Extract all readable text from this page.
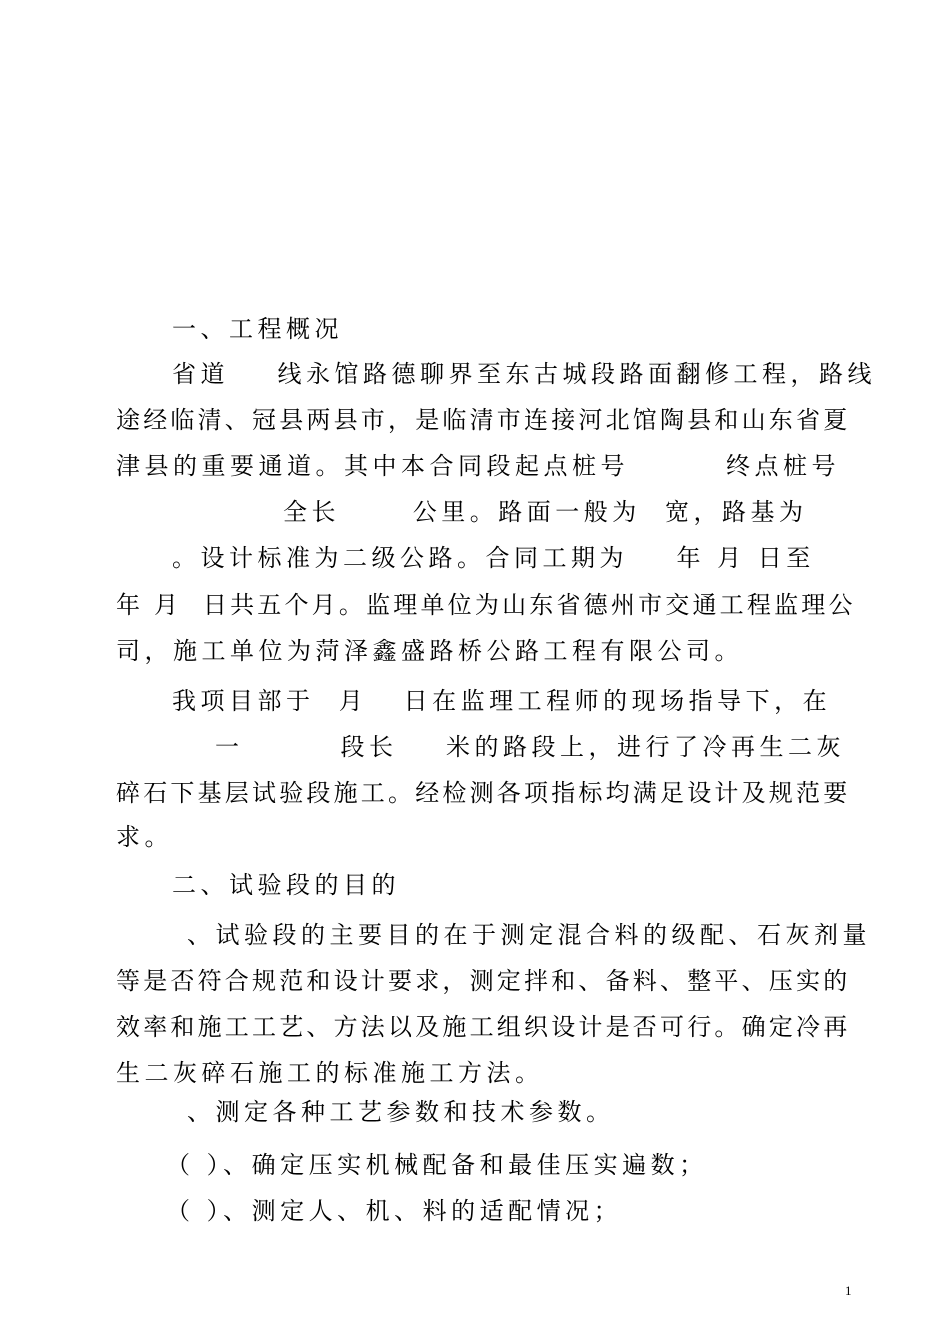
一、工程概况
省道    线永馆路德聊界至东古城段路面翻修工程，路线
途经临清、冠县两县市，是临清市连接河北馆陶县和山东省夏
津县的重要通道。其中本合同段起点桩号        终点桩号
全长      公里。路面一般为  宽，路基为
。设计标准为二级公路。合同工期为    年 月 日至
年 月  日共五个月。监理单位为山东省德州市交通工程监理公
司，施工单位为菏泽鑫盛路桥公路工程有限公司。
我项目部于  月   日在监理工程师的现场指导下，在
一        段长    米的路段上，进行了冷再生二灰
碎石下基层试验段施工。经检测各项指标均满足设计及规范要
求。
二、试验段的目的
、试验段的主要目的在于测定混合料的级配、石灰剂量
等是否符合规范和设计要求，测定拌和、备料、整平、压实的
效率和施工工艺、方法以及施工组织设计是否可行。确定冷再
生二灰碎石施工的标准施工方法。
、测定各种工艺参数和技术参数。
（ ）、确定压实机械配备和最佳压实遍数；
（ ）、测定人、机、料的适配情况；
1
